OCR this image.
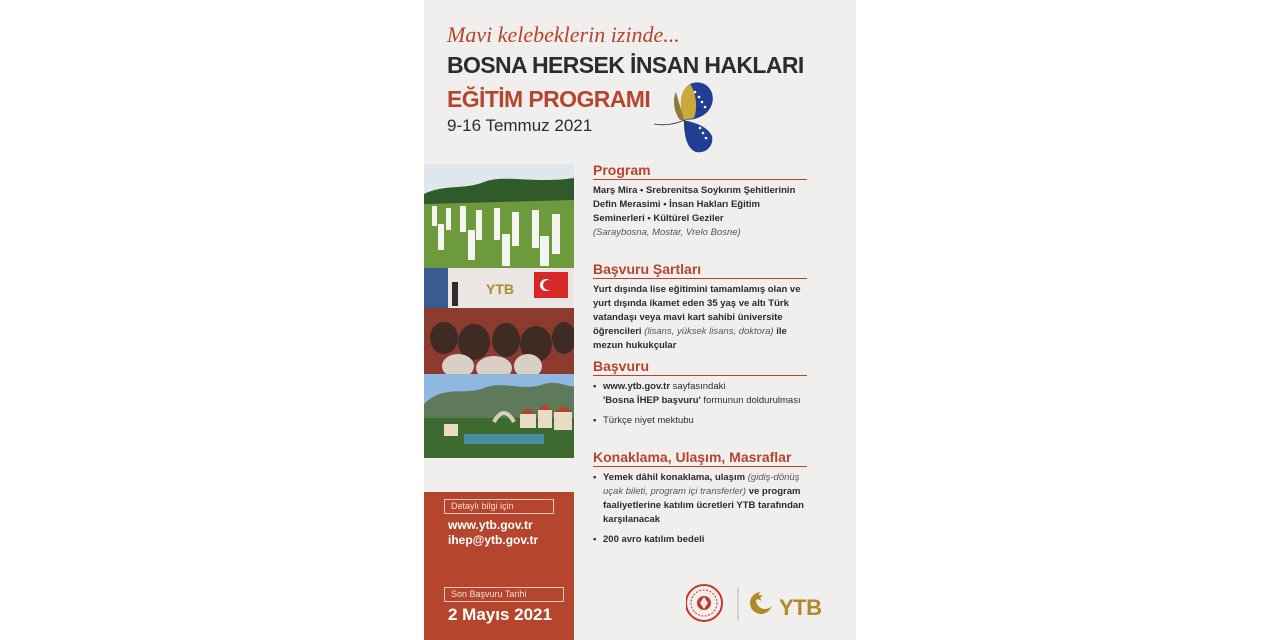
Mavi kelebeklerin izinde...
BOSNA HERSEK İNSAN HAKLARI
EĞİTİM PROGRAMI
9-16 Temmuz 2021
YTB
Detaylı bilgi için
www.ytb.gov.tr
ihep@ytb.gov.tr
Son Başvuru Tarihi
2 Mayıs 2021
Program
Marş Mira • Srebrenitsa Soykırım Şehitlerinin Defin Merasimi • İnsan Hakları Eğitim Seminerleri • Kültürel Geziler
(Saraybosna, Mostar, Vrelo Bosne)
Başvuru Şartları
Yurt dışında lise eğitimini tamamlamış olan ve yurt dışında ikamet eden 35 yaş ve altı Türk vatandaşı veya mavi kart sahibi üniversite öğrencileri (lisans, yüksek lisans, doktora) ile mezun hukukçular
Başvuru
• www.ytb.gov.tr sayfasındaki
'Bosna İHEP başvuru' formunun doldurulması
• Türkçe niyet mektubu
Konaklama, Ulaşım, Masraflar
• Yemek dâhil konaklama, ulaşım (gidiş-dönüş uçak bileti, program içi transferler) ve program faaliyetlerine katılım ücretleri YTB tarafından karşılanacak
• 200 avro katılım bedeli
YTB
